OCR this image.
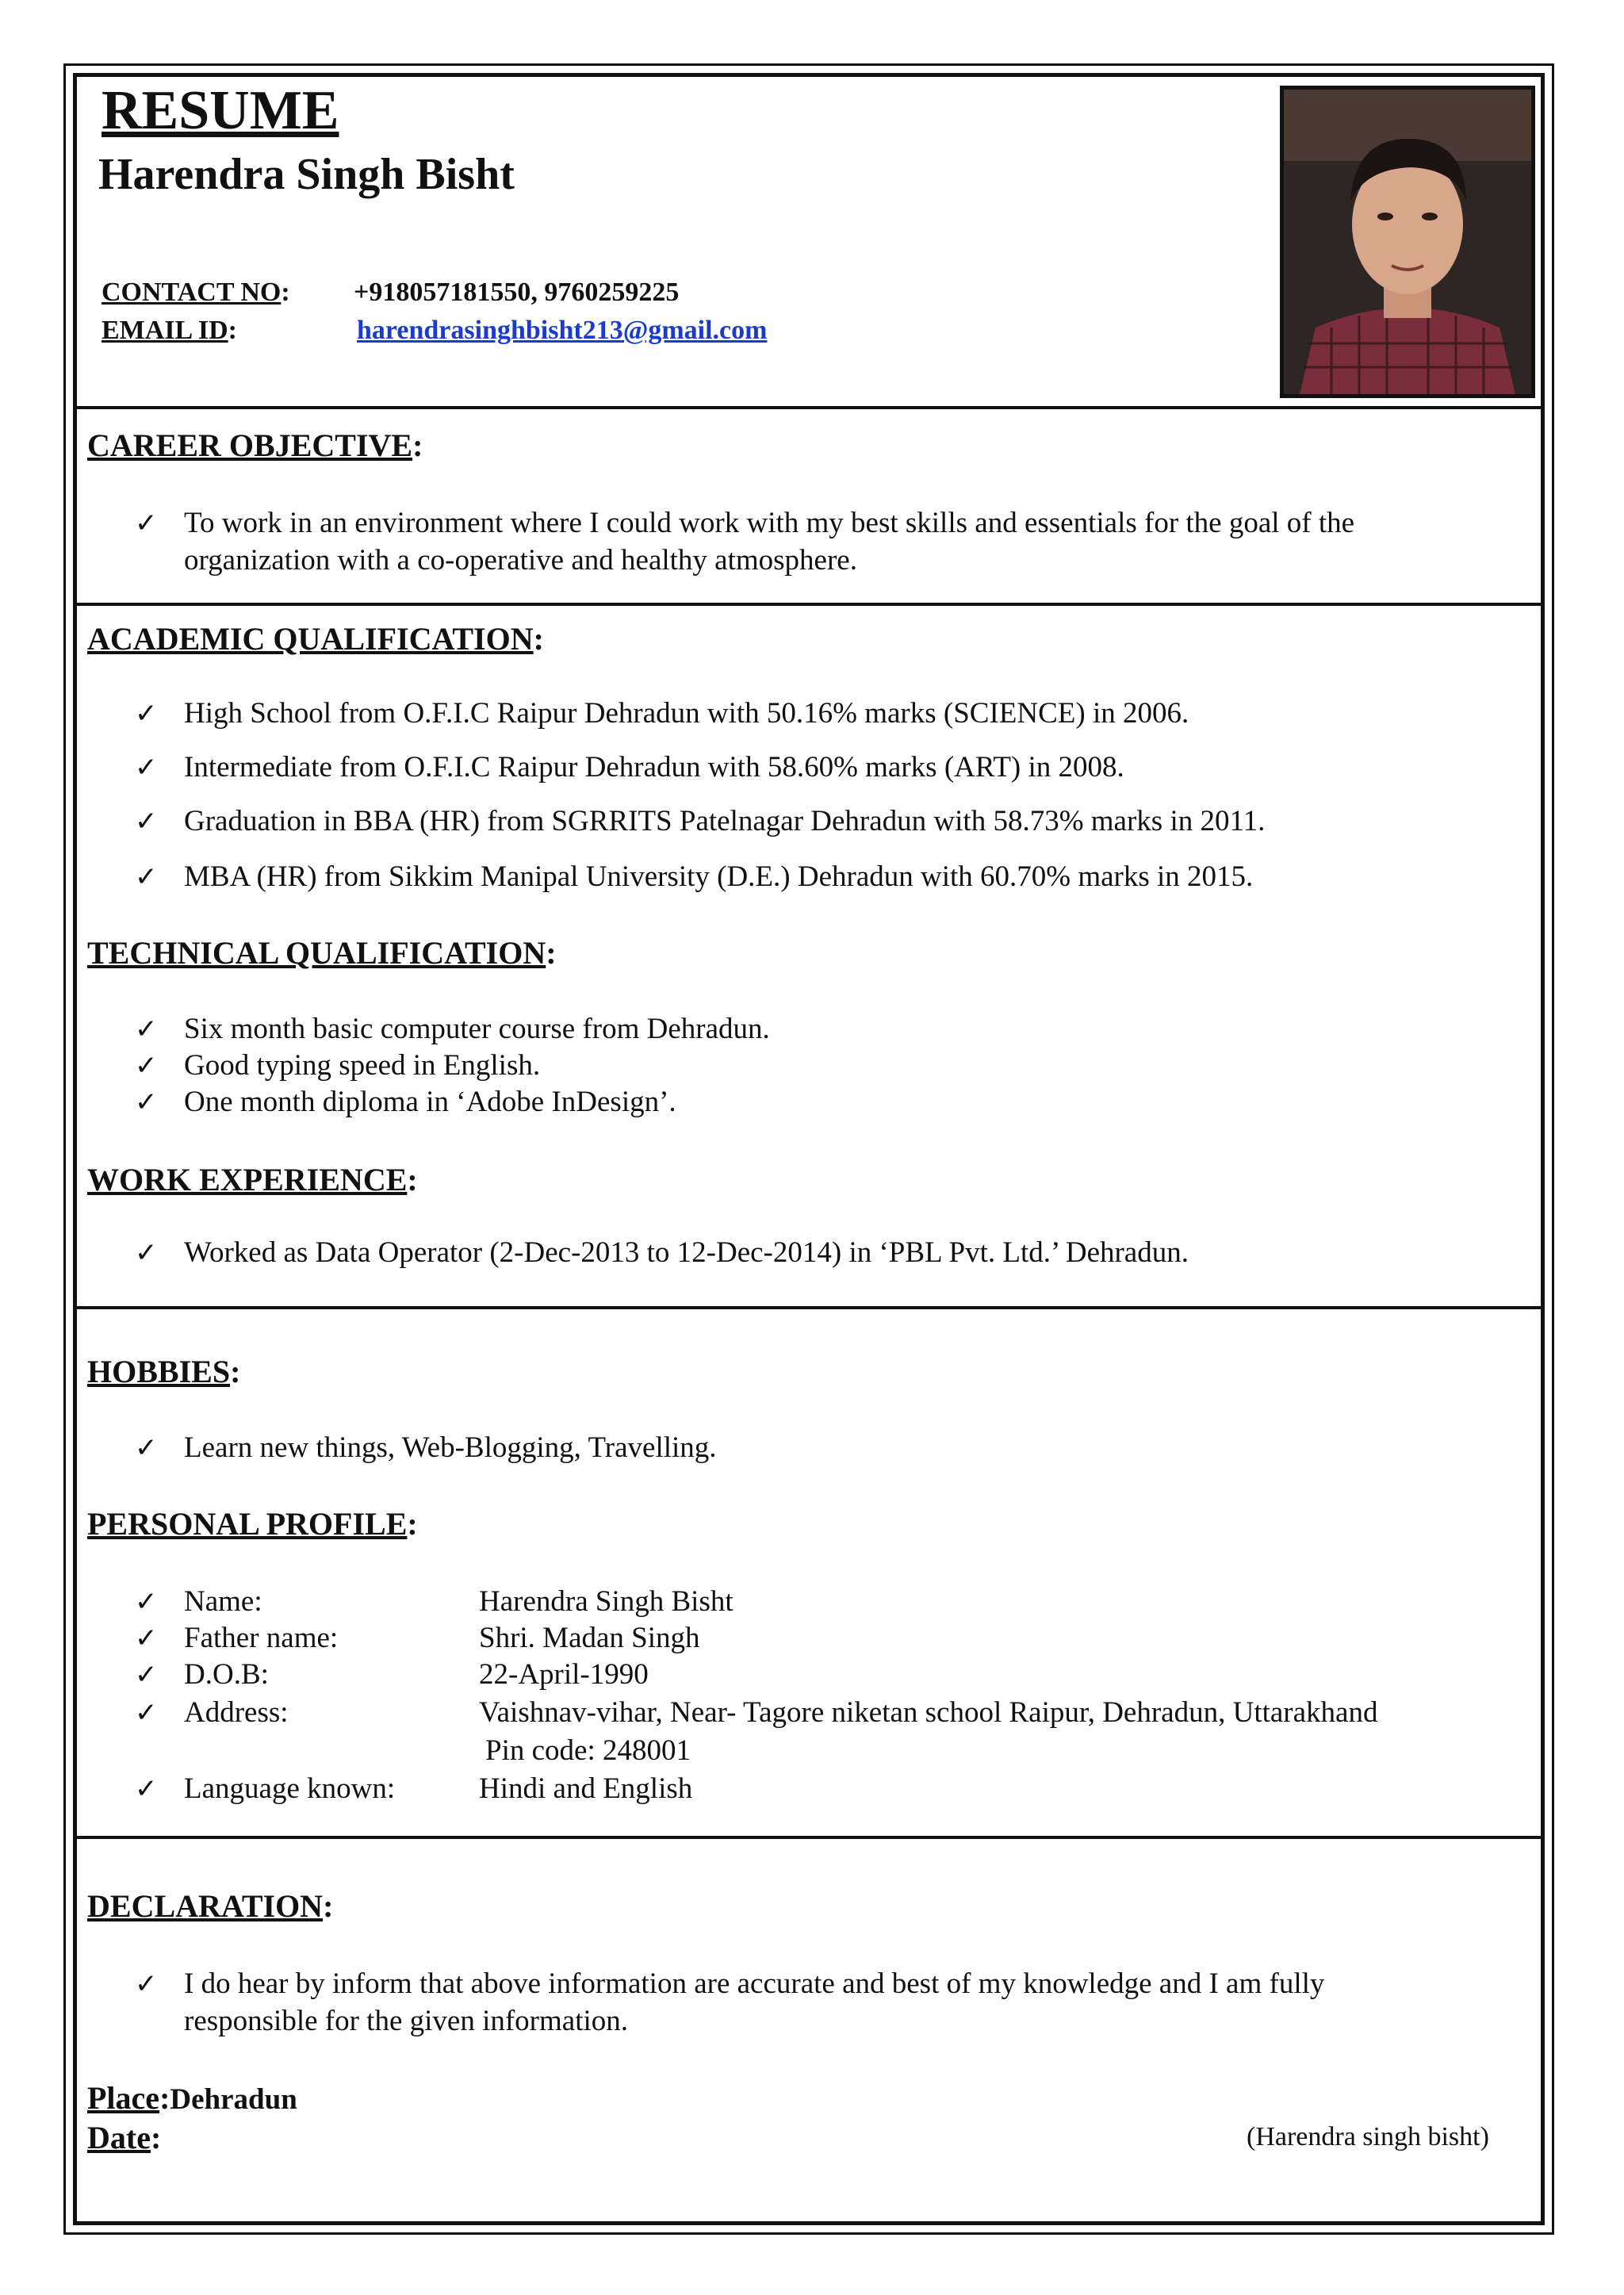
RESUME
Harendra Singh Bisht
CONTACT NO: +918057181550, 9760259225
EMAIL ID:	harendrasinghbisht213@gmail.com
CAREER OBJECTIVE:
✓ To work in an environment where I could work with my best skills and essentials for the goal of the
organization with a co-operative and healthy atmosphere.
ACADEMIC QUALIFICATION:
✓ High School from O.F.I.C Raipur Dehradun with 50.16% marks (SCIENCE) in 2006.
✓ Intermediate from O.F.I.C Raipur Dehradun with 58.60% marks (ART) in 2008.
✓ Graduation in BBA (HR) from SGRRITS Patelnagar Dehradun with 58.73% marks in 2011.
✓ MBA (HR) from Sikkim Manipal University (D.E.) Dehradun with 60.70% marks in 2015.
TECHNICAL QUALIFICATION:
✓ Six month basic computer course from Dehradun.
✓ Good typing speed in English.
✓ One month diploma in ‘Adobe InDesign’.
WORK EXPERIENCE:
✓ Worked as Data Operator (2-Dec-2013 to 12-Dec-2014) in ‘PBL Pvt. Ltd.’ Dehradun.
HOBBIES:
✓ Learn new things, Web-Blogging, Travelling.
PERSONAL PROFILE:
✓ Name:	Harendra Singh Bisht
✓ Father name:	Shri. Madan Singh
✓ D.O.B:	22-April-1990
✓ Address:	Vaishnav-vihar, Near- Tagore niketan school Raipur, Dehradun, Uttarakhand
Pin code: 248001
✓ Language known:	Hindi and English
DECLARATION:
✓ I do hear by inform that above information are accurate and best of my knowledge and I am fully
responsible for the given information.
Place:Dehradun
Date:	(Harendra singh bisht)
